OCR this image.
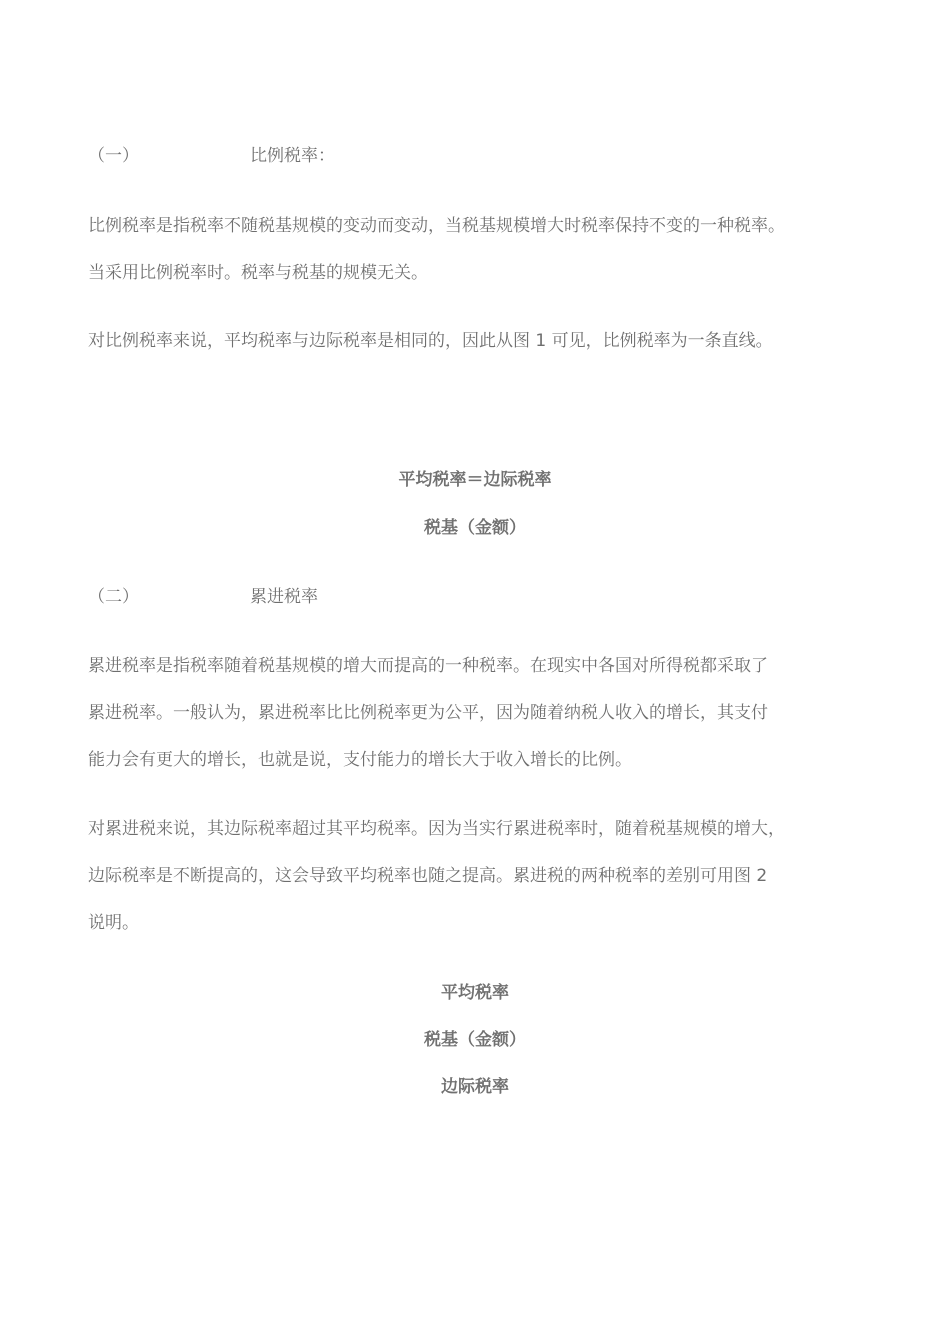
（一）	比例税率：
比例税率是指税率不随税基规模的变动而变动，当税基规模增大时税率保持不变的一种税率。
当采用比例税率时。税率与税基的规模无关。
对比例税率来说，平均税率与边际税率是相同的，因此从图 1 可见，比例税率为一条直线。
平均税率＝边际税率
税基（金额）
（二）	累进税率
累进税率是指税率随着税基规模的增大而提高的一种税率。在现实中各国对所得税都采取了
累进税率。一般认为，累进税率比比例税率更为公平，因为随着纳税人收入的增长，其支付
能力会有更大的增长，也就是说，支付能力的增长大于收入增长的比例。
对累进税来说，其边际税率超过其平均税率。因为当实行累进税率时，随着税基规模的增大，
边际税率是不断提高的，这会导致平均税率也随之提高。累进税的两种税率的差别可用图 2
说明。
平均税率
税基（金额）
边际税率
